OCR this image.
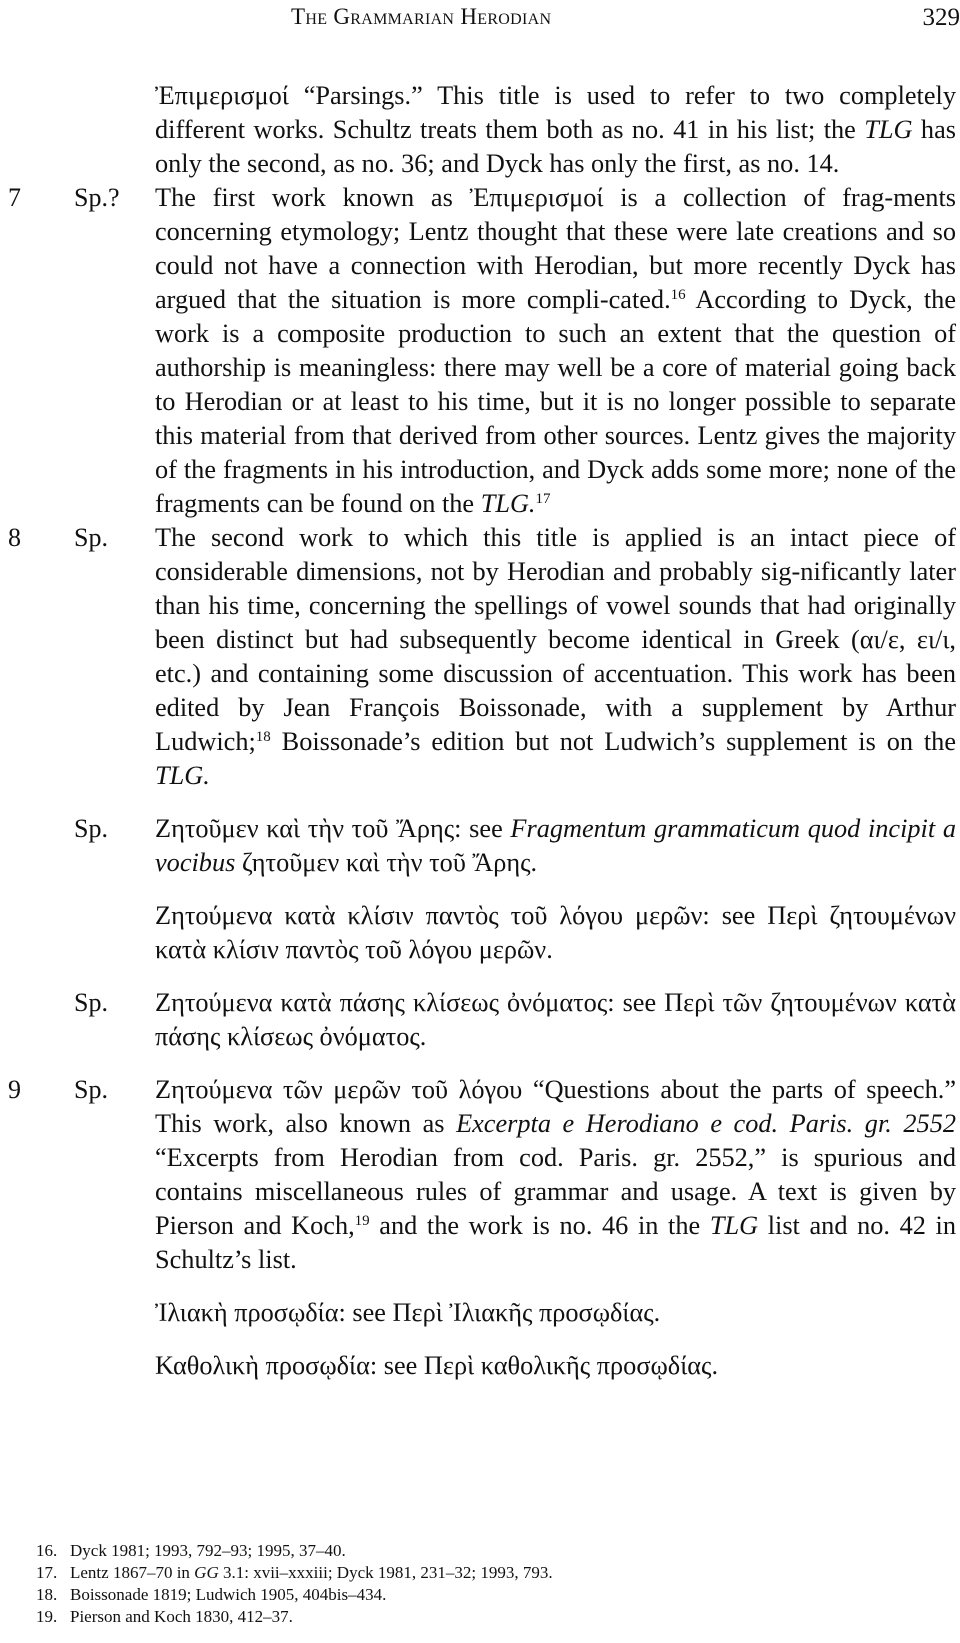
The Grammarian Herodian	329
Ἐπιμερισμοί “Parsings.” This title is used to refer to two completely different works. Schultz treats them both as no. 41 in his list; the TLG has only the second, as no. 36; and Dyck has only the first, as no. 14.
7	Sp.? The first work known as Ἐπιμερισμοί is a collection of frag-ments concerning etymology; Lentz thought that these were late creations and so could not have a connection with Herodian, but more recently Dyck has argued that the situation is more compli-cated.$^{16}$ According to Dyck, the work is a composite production to such an extent that the question of authorship is meaningless: there may well be a core of material going back to Herodian or at least to his time, but it is no longer possible to separate this material from that derived from other sources. Lentz gives the majority of the fragments in his introduction, and Dyck adds some more; none of the fragments can be found on the TLG.$^{17}$
8	Sp. The second work to which this title is applied is an intact piece of considerable dimensions, not by Herodian and probably sig-nificantly later than his time, concerning the spellings of vowel sounds that had originally been distinct but had subsequently become identical in Greek (αι/ε, ει/ι, etc.) and containing some discussion of accentuation. This work has been edited by Jean François Boissonade, with a supplement by Arthur Ludwich;$^{18}$ Boissonade’s edition but not Ludwich’s supplement is on the TLG.
Sp. Ζητοῦμεν καὶ τὴν τοῦ Ἄρης: see Fragmentum grammaticum quod incipit a vocibus ζητοῦμεν καὶ τὴν τοῦ Ἄρης.
Ζητούμενα κατὰ κλίσιν παντὸς τοῦ λόγου μερῶν: see Περὶ ζητουμένων κατὰ κλίσιν παντὸς τοῦ λόγου μερῶν.
Sp. Ζητούμενα κατὰ πάσης κλίσεως ὀνόματος: see Περὶ τῶν ζητουμένων κατὰ πάσης κλίσεως ὀνόματος.
9	Sp. Ζητούμενα τῶν μερῶν τοῦ λόγου “Questions about the parts of speech.” This work, also known as Excerpta e Herodiano e cod. Paris. gr. 2552 “Excerpts from Herodian from cod. Paris. gr. 2552,” is spurious and contains miscellaneous rules of grammar and usage. A text is given by Pierson and Koch,$^{19}$ and the work is no. 46 in the TLG list and no. 42 in Schultz’s list.
Ἰλιακὴ προσῳδία: see Περὶ Ἰλιακῆς προσῳδίας.
Καθολικὴ προσῳδία: see Περὶ καθολικῆς προσῳδίας.
16. Dyck 1981; 1993, 792–93; 1995, 37–40.
17. Lentz 1867–70 in GG 3.1: xvii–xxxiii; Dyck 1981, 231–32; 1993, 793.
18. Boissonade 1819; Ludwich 1905, 404bis–434.
19. Pierson and Koch 1830, 412–37.
